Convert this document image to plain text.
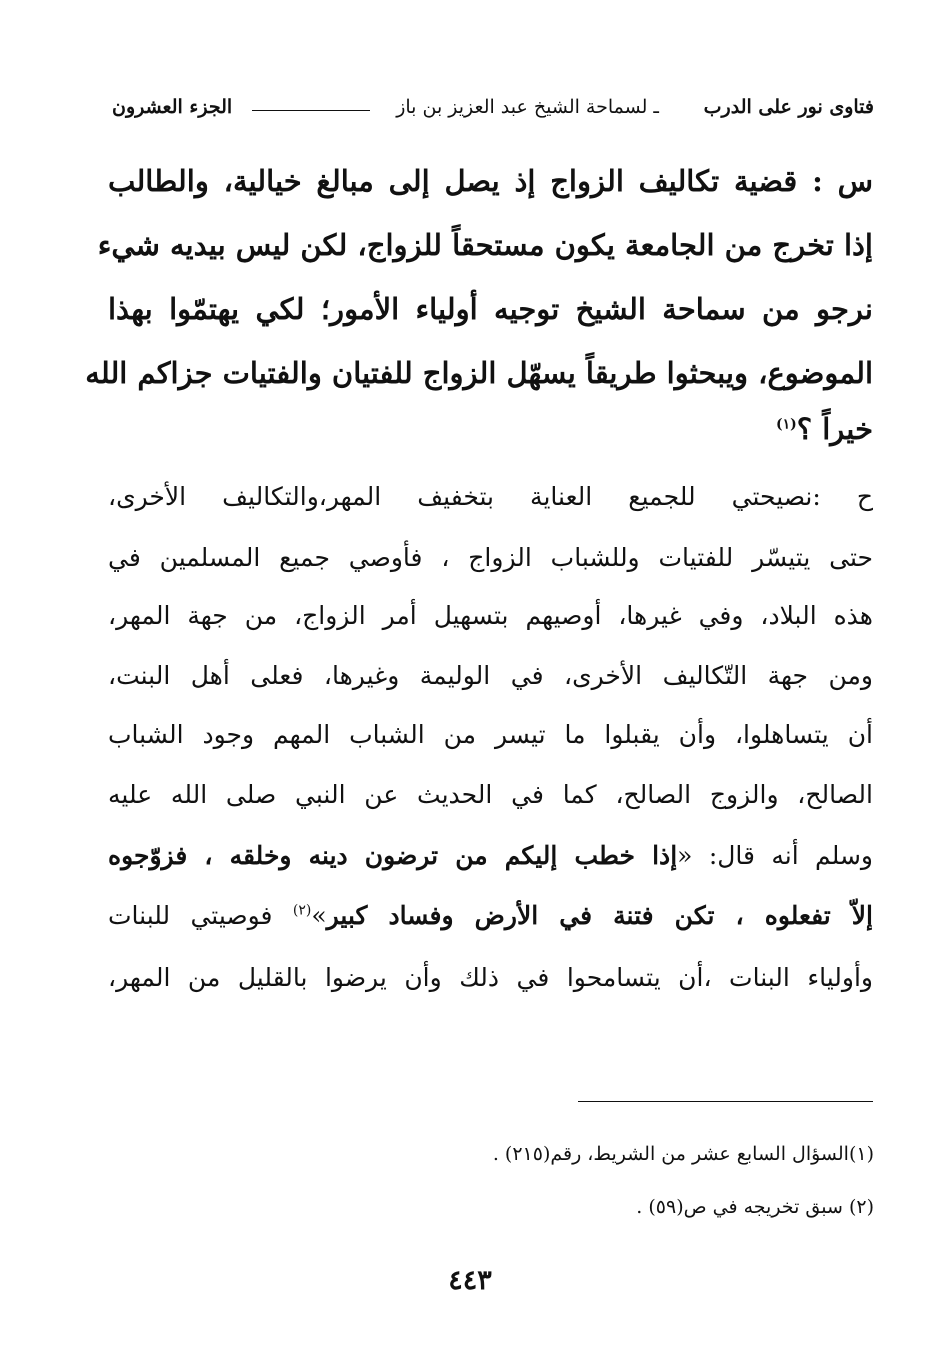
فتاوى نور على الدرب
ـ لسماحة الشيخ عبد العزيز بن باز
الجزء العشرون
س : قضية تكاليف الزواج إذ يصل إلى مبالغ خيالية، والطالب
إذا تخرج من الجامعة يكون مستحقاً للزواج، لكن ليس بيديه شيء
نرجو من سماحة الشيخ توجيه أولياء الأمور؛ لكي يهتمّوا بهذا
الموضوع، ويبحثوا طريقاً يسهّل الزواج للفتيان والفتيات جزاكم الله
خيراً ؟$^{(١)}$
ح :نصيحتي للجميع العناية بتخفيف المهر،والتكاليف الأخرى،
حتى يتيسّر للفتيات وللشباب الزواج ، فأوصي جميع المسلمين في
هذه البلاد، وفي غيرها، أوصيهم بتسهيل أمر الزواج، من جهة المهر،
ومن جهة التّكاليف الأخرى، في الوليمة وغيرها، فعلى أهل البنت،
أن يتساهلوا، وأن يقبلوا ما تيسر من الشباب المهم وجود الشباب
الصالح، والزوج الصالح، كما في الحديث عن النبي صلى الله عليه
وسلم أنه قال: «إذا خطب إليكم من ترضون دينه وخلقه ، فزوّجوه
إلاّ تفعلوه ، تكن فتنة في الأرض وفساد كبير»$^{(٢)}$ فوصيتي للبنات
وأولياء البنات ،أن يتسامحوا في ذلك وأن يرضوا بالقليل من المهر،
(١)السؤال السابع عشر من الشريط، رقم(٢١٥) .
(٢) سبق تخريجه في ص(٥٩) .
٤٤٣
